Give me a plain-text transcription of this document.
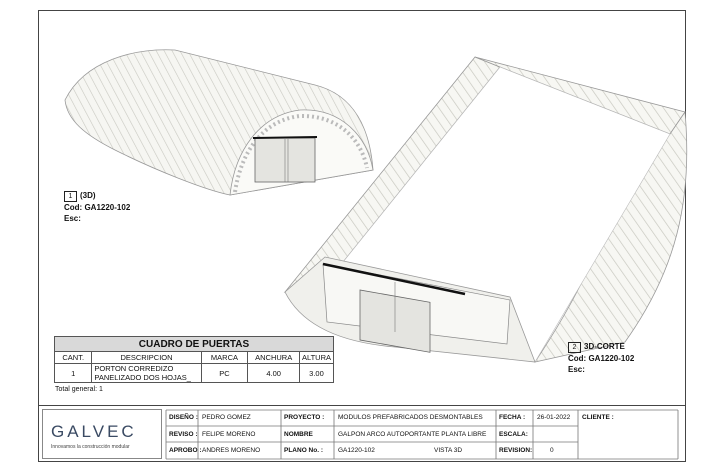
1 (3D)
Cod: GA1220-102
Esc:
2 3D-CORTE
Cod: GA1220-102
Esc:
CUADRO DE PUERTAS				
CANT.	DESCRIPCION	MARCA	ANCHURA	ALTURA
1	PORTON CORREDIZO
PANELIZADO DOS HOJAS_	PC	4.00	3.00
Total general: 1
GALVEC
Innovamos la construcción modular
DISEÑO : PEDRO GOMEZ
REVISO : FELIPE MORENO
APROBO : ANDRES MORENO
PROYECTO : MODULOS PREFABRICADOS DESMONTABLES
NOMBRE	GALPON ARCO AUTOPORTANTE PLANTA LIBRE
PLANO No. : GA1220-102	VISTA 3D
FECHA : 26-01-2022
ESCALA:
REVISION:	0
CLIENTE :
